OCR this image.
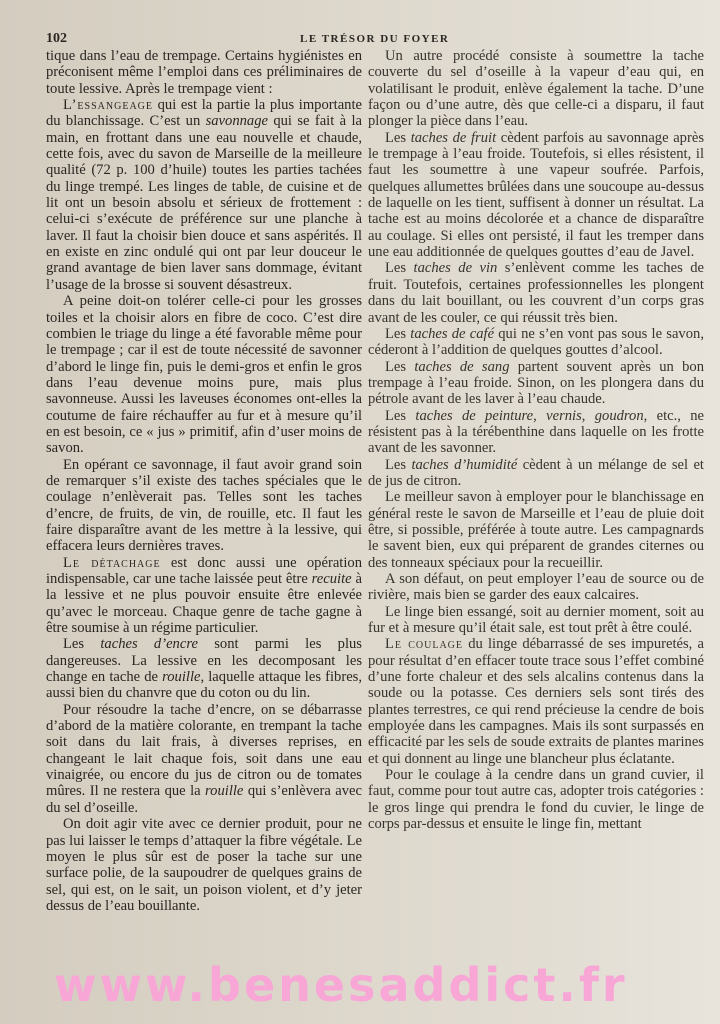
102	LE TRÉSOR DU FOYER

tique dans l’eau de trempage. Certains hygiénistes en préconisent même l’emploi dans ces préliminaires de toute lessive. Après le trempage vient :

L’essangeage qui est la partie la plus importante du blanchissage. C’est un savonnage qui se fait à la main, en frottant dans une eau nouvelle et chaude, cette fois, avec du savon de Marseille de la meilleure qualité (72 p. 100 d’huile) toutes les parties tachées du linge trempé. Les linges de table, de cuisine et de lit ont un besoin absolu et sérieux de frottement : celui-ci s’exécute de préférence sur une planche à laver. Il faut la choisir bien douce et sans aspérités. Il en existe en zinc ondulé qui ont par leur douceur le grand avantage de bien laver sans dommage, évitant l’usage de la brosse si souvent désastreux.

A peine doit-on tolérer celle-ci pour les grosses toiles et la choisir alors en fibre de coco. C’est dire combien le triage du linge a été favorable même pour le trempage ; car il est de toute nécessité de savonner d’abord le linge fin, puis le demi-gros et enfin le gros dans l’eau devenue moins pure, mais plus savonneuse. Aussi les laveuses économes ont-elles la coutume de faire réchauffer au fur et à mesure qu’il en est besoin, ce « jus » primitif, afin d’user moins de savon.

En opérant ce savonnage, il faut avoir grand soin de remarquer s’il existe des taches spéciales que le coulage n’enlèverait pas. Telles sont les taches d’encre, de fruits, de vin, de rouille, etc. Il faut les faire disparaître avant de les mettre à la lessive, qui effacera leurs dernières traves.

Le détachage est donc aussi une opération indispensable, car une tache laissée peut être recuite à la lessive et ne plus pouvoir ensuite être enlevée qu’avec le morceau. Chaque genre de tache gagne à être soumise à un régime particulier.

Les taches d’encre sont parmi les plus dangereuses. La lessive en les decomposant les change en tache de rouille, laquelle attaque les fibres, aussi bien du chanvre que du coton ou du lin.

Pour résoudre la tache d’encre, on se débarrasse d’abord de la matière colorante, en trempant la tache soit dans du lait frais, à diverses reprises, en changeant le lait chaque fois, soit dans une eau vinaigrée, ou encore du jus de citron ou de tomates mûres. Il ne restera que la rouille qui s’enlèvera avec du sel d’oseille.

On doit agir vite avec ce dernier produit, pour ne pas lui laisser le temps d’attaquer la fibre végétale. Le moyen le plus sûr est de poser la tache sur une surface polie, de la saupoudrer de quelques grains de sel, qui est, on le sait, un poison violent, et d’y jeter dessus de l’eau bouillante.

Un autre procédé consiste à soumettre la tache couverte du sel d’oseille à la vapeur d’eau qui, en volatilisant le produit, enlève également la tache. D’une façon ou d’une autre, dès que celle-ci a disparu, il faut plonger la pièce dans l’eau.

Les taches de fruit cèdent parfois au savonnage après le trempage à l’eau froide. Toutefois, si elles résistent, il faut les soumettre à une vapeur soufrée. Parfois, quelques allumettes brûlées dans une soucoupe au-dessus de laquelle on les tient, suffisent à donner un résultat. La tache est au moins décolorée et a chance de disparaître au coulage. Si elles ont persisté, il faut les tremper dans une eau additionnée de quelques gouttes d’eau de Javel.

Les taches de vin s’enlèvent comme les taches de fruit. Toutefois, certaines professionnelles les plongent dans du lait bouillant, ou les couvrent d’un corps gras avant de les couler, ce qui réussit très bien.

Les taches de café qui ne s’en vont pas sous le savon, céderont à l’addition de quelques gouttes d’alcool.

Les taches de sang partent souvent après un bon trempage à l’eau froide. Sinon, on les plongera dans du pétrole avant de les laver à l’eau chaude.

Les taches de peinture, vernis, goudron, etc., ne résistent pas à la térébenthine dans laquelle on les frotte avant de les savonner.

Les taches d’humidité cèdent à un mélange de sel et de jus de citron.

Le meilleur savon à employer pour le blanchissage en général reste le savon de Marseille et l’eau de pluie doit être, si possible, préférée à toute autre. Les campagnards le savent bien, eux qui préparent de grandes citernes ou des tonneaux spéciaux pour la recueillir.

A son défaut, on peut employer l’eau de source ou de rivière, mais bien se garder des eaux calcaires.

Le linge bien essangé, soit au dernier moment, soit au fur et à mesure qu’il était sale, est tout prêt à être coulé.

Le coulage du linge débarrassé de ses impuretés, a pour résultat d’en effacer toute trace sous l’effet combiné d’une forte chaleur et des sels alcalins contenus dans la soude ou la potasse. Ces derniers sels sont tirés des plantes terrestres, ce qui rend précieuse la cendre de bois employée dans les campagnes. Mais ils sont surpassés en efficacité par les sels de soude extraits de plantes marines et qui donnent au linge une blancheur plus éclatante.

Pour le coulage à la cendre dans un grand cuvier, il faut, comme pour tout autre cas, adopter trois catégories : le gros linge qui prendra le fond du cuvier, le linge de corps par-dessus et ensuite le linge fin, mettant

www.benesaddict.fr
